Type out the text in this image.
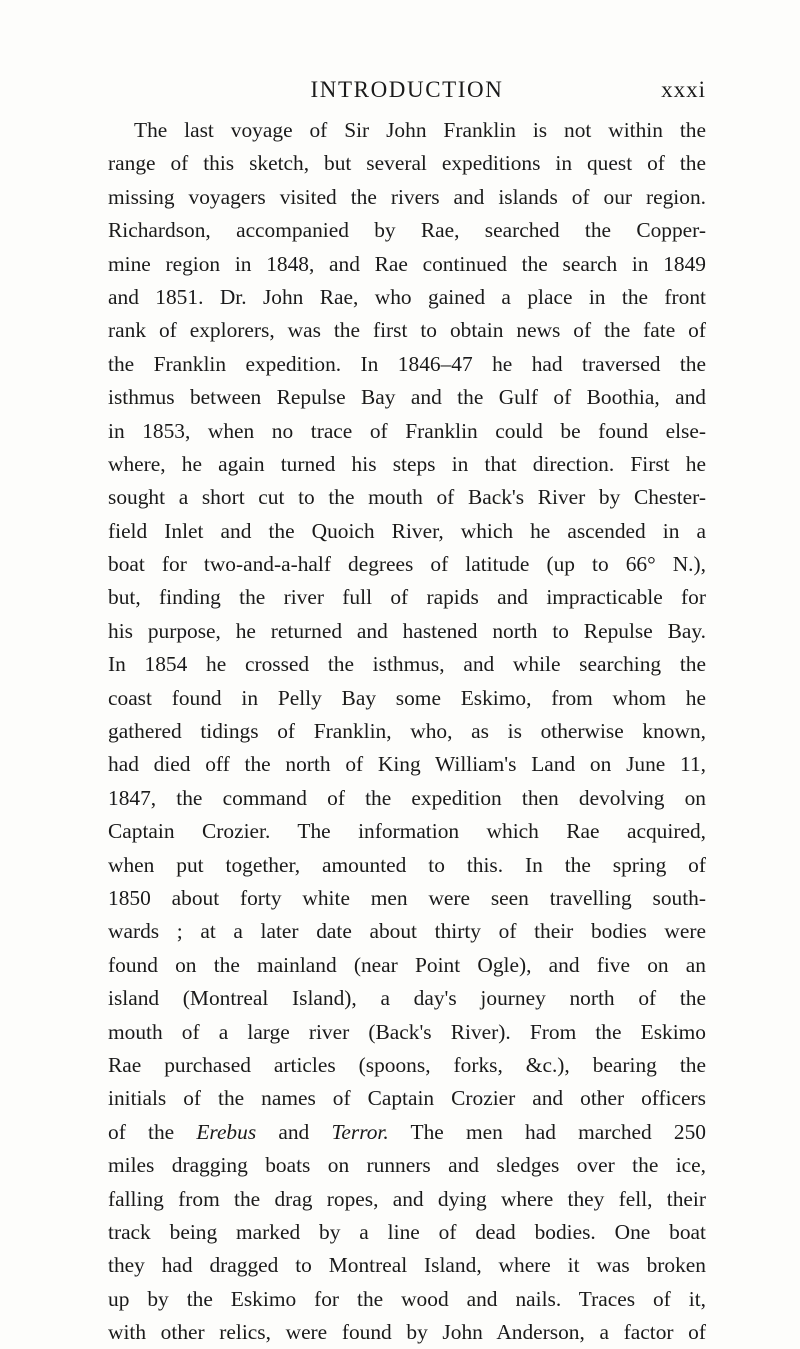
INTRODUCTION	xxxi
The last voyage of Sir John Franklin is not within the
range of this sketch, but several expeditions in quest of the
missing voyagers visited the rivers and islands of our region.
Richardson, accompanied by Rae, searched the Copper-
mine region in 1848, and Rae continued the search in 1849
and 1851. Dr. John Rae, who gained a place in the front
rank of explorers, was the first to obtain news of the fate of
the Franklin expedition. In 1846–47 he had traversed the
isthmus between Repulse Bay and the Gulf of Boothia, and
in 1853, when no trace of Franklin could be found else-
where, he again turned his steps in that direction. First he
sought a short cut to the mouth of Back's River by Chester-
field Inlet and the Quoich River, which he ascended in a
boat for two-and-a-half degrees of latitude (up to 66° N.),
but, finding the river full of rapids and impracticable for
his purpose, he returned and hastened north to Repulse Bay.
In 1854 he crossed the isthmus, and while searching the
coast found in Pelly Bay some Eskimo, from whom he
gathered tidings of Franklin, who, as is otherwise known,
had died off the north of King William's Land on June 11,
1847, the command of the expedition then devolving on
Captain Crozier. The information which Rae acquired,
when put together, amounted to this. In the spring of
1850 about forty white men were seen travelling south-
wards ; at a later date about thirty of their bodies were
found on the mainland (near Point Ogle), and five on an
island (Montreal Island), a day's journey north of the
mouth of a large river (Back's River). From the Eskimo
Rae purchased articles (spoons, forks, &c.), bearing the
initials of the names of Captain Crozier and other officers
of the Erebus and Terror. The men had marched 250
miles dragging boats on runners and sledges over the ice,
falling from the drag ropes, and dying where they fell, their
track being marked by a line of dead bodies. One boat
they had dragged to Montreal Island, where it was broken
up by the Eskimo for the wood and nails. Traces of it,
with other relics, were found by John Anderson, a factor of
